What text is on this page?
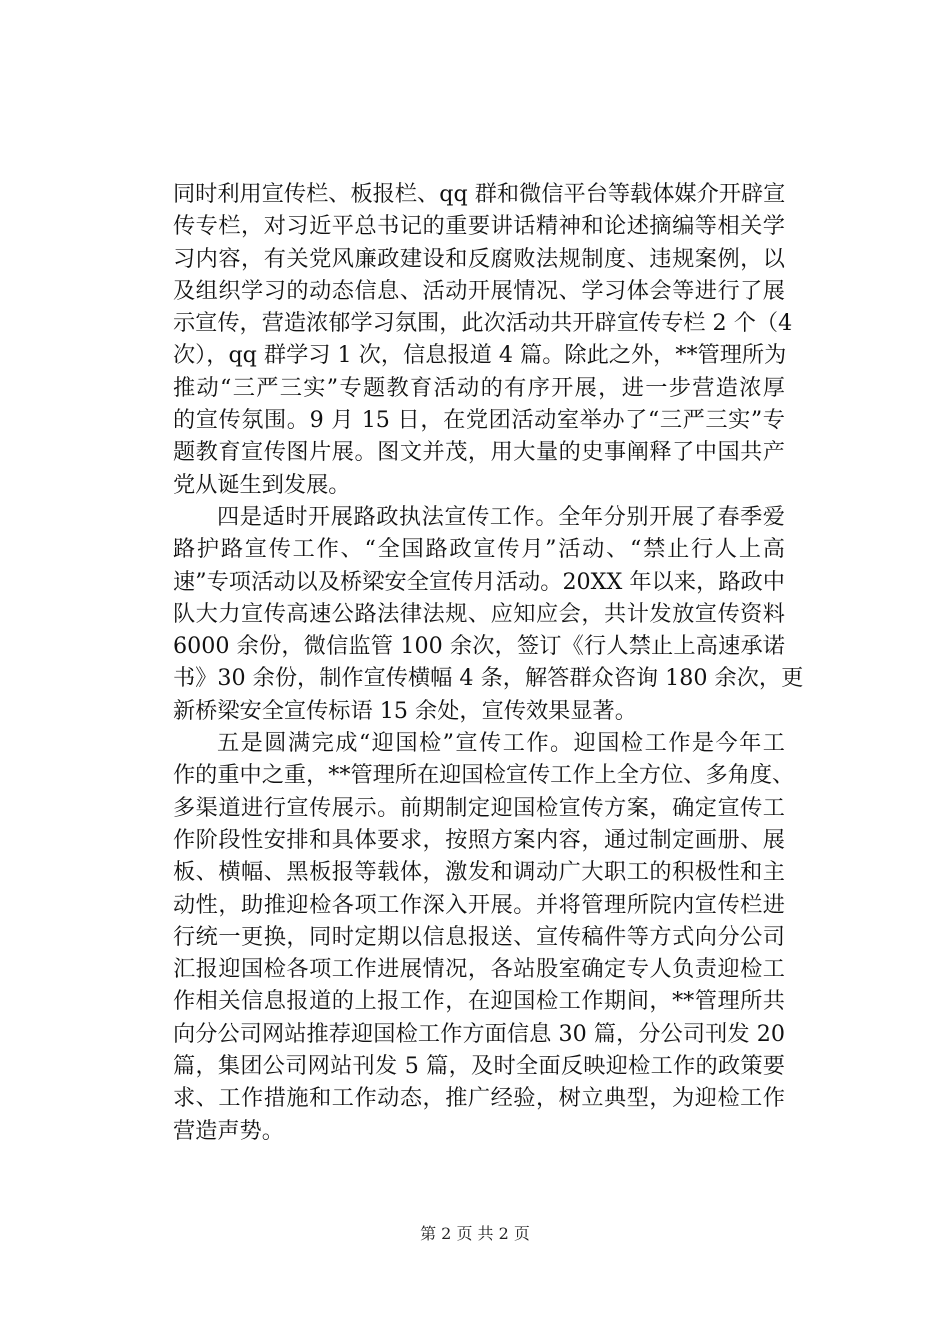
同时利用宣传栏、板报栏、qq 群和微信平台等载体媒介开辟宣
传专栏，对习近平总书记的重要讲话精神和论述摘编等相关学
习内容，有关党风廉政建设和反腐败法规制度、违规案例，以
及组织学习的动态信息、活动开展情况、学习体会等进行了展
示宣传，营造浓郁学习氛围，此次活动共开辟宣传专栏 2 个（4
次），qq 群学习 1 次，信息报道 4 篇。除此之外，**管理所为
推动“三严三实”专题教育活动的有序开展，进一步营造浓厚
的宣传氛围。9 月 15 日，在党团活动室举办了“三严三实”专
题教育宣传图片展。图文并茂，用大量的史事阐释了中国共产
党从诞生到发展。
四是适时开展路政执法宣传工作。全年分别开展了春季爱
路护路宣传工作、“全国路政宣传月”活动、“禁止行人上高
速”专项活动以及桥梁安全宣传月活动。20XX 年以来，路政中
队大力宣传高速公路法律法规、应知应会，共计发放宣传资料
6000 余份，微信监管 100 余次，签订《行人禁止上高速承诺
书》30 余份，制作宣传横幅 4 条，解答群众咨询 180 余次，更
新桥梁安全宣传标语 15 余处，宣传效果显著。
五是圆满完成“迎国检”宣传工作。迎国检工作是今年工
作的重中之重，**管理所在迎国检宣传工作上全方位、多角度、
多渠道进行宣传展示。前期制定迎国检宣传方案，确定宣传工
作阶段性安排和具体要求，按照方案内容，通过制定画册、展
板、横幅、黑板报等载体，激发和调动广大职工的积极性和主
动性，助推迎检各项工作深入开展。并将管理所院内宣传栏进
行统一更换，同时定期以信息报送、宣传稿件等方式向分公司
汇报迎国检各项工作进展情况，各站股室确定专人负责迎检工
作相关信息报道的上报工作，在迎国检工作期间，**管理所共
向分公司网站推荐迎国检工作方面信息 30 篇，分公司刊发 20
篇，集团公司网站刊发 5 篇，及时全面反映迎检工作的政策要
求、工作措施和工作动态，推广经验，树立典型，为迎检工作
营造声势。
第 2 页 共 2 页
